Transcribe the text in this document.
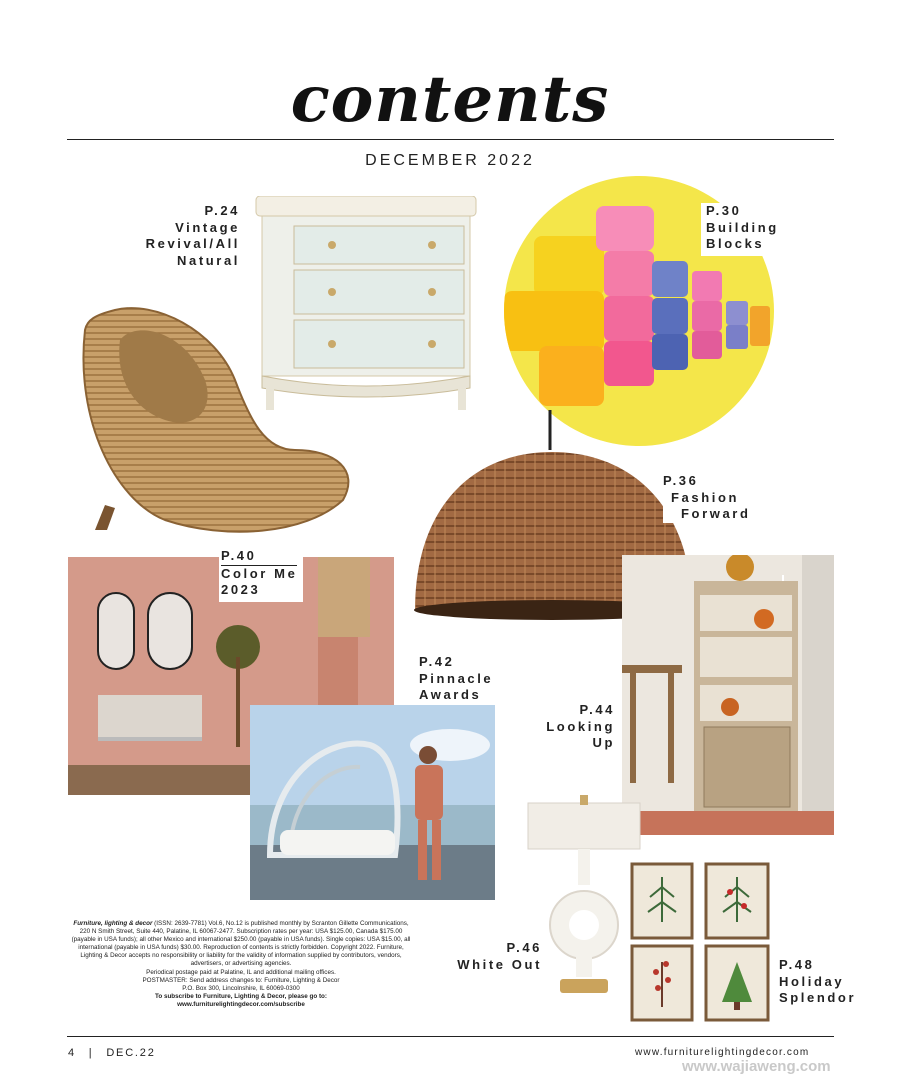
contents
DECEMBER 2022
P.24
Vintage
Revival/All
Natural
P.30
Building
Blocks
P.36
Fashion
Forward
P.40
Color Me
2023
P.42
Pinnacle
Awards
P.44
Looking
Up
P.46
White Out	P.48
Holiday
Splendor

Furniture, lighting & decor (ISSN: 2639-7781) Vol.6, No.12 is published monthly by Scranton Gillette Communications, 220 N Smith Street, Suite 440, Palatine, IL 60067-2477. Subscription rates per year: USA $125.00, Canada $175.00 (payable in USA funds); all other Mexico and international $250.00 (payable in USA funds). Single copies: USA $15.00, all international (payable in USA funds) $30.00. Reproduction of contents is strictly forbidden. Copyright 2022. Furniture, Lighting & Decor accepts no responsibility or liability for the validity of information supplied by contributors, vendors, advertisers, or advertising agencies.

Periodical postage paid at Palatine, IL and additional mailing offices.

POSTMASTER: Send address changes to: Furniture, Lighting & Decor

P.O. Box 300, Lincolnshire, IL 60069-0300

To subscribe to Furniture, Lighting & Decor, please go to:

www.furniturelightingdecor.com/subscribe

4 | DEC.22	www.furniturelightingdecor.com
www.wajiaweng.com
